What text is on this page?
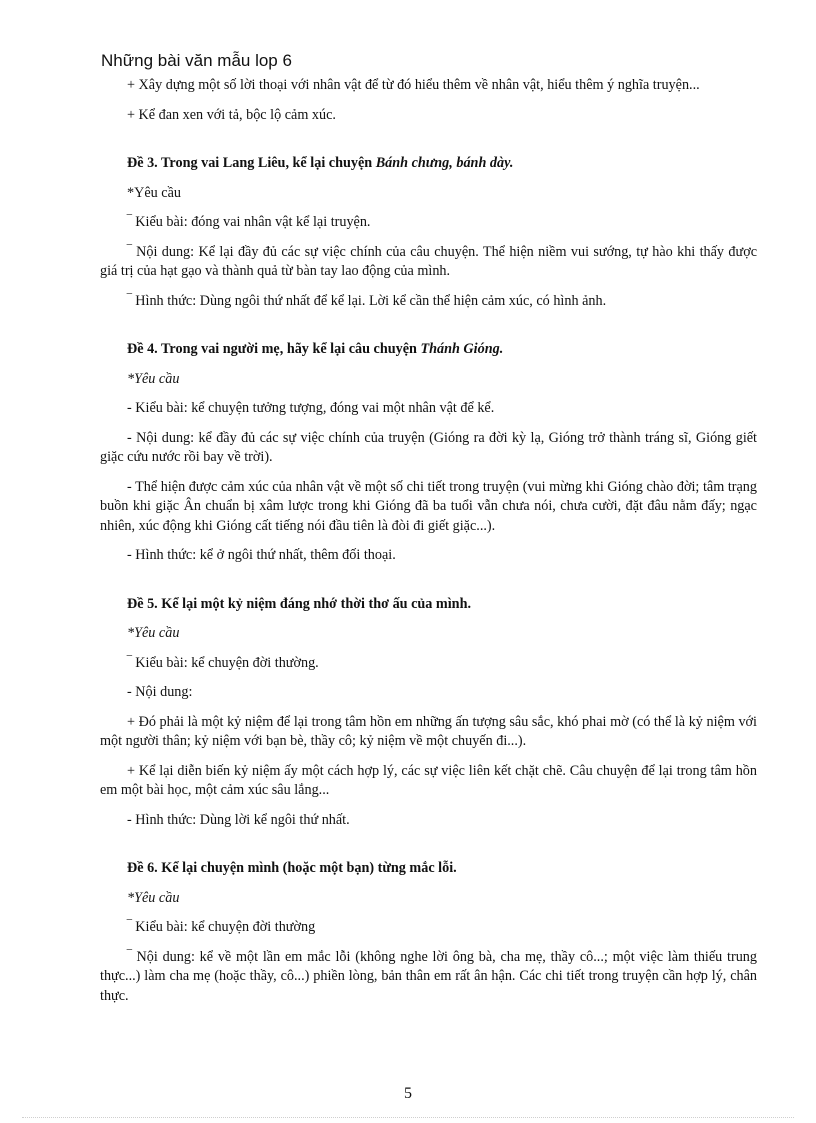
Những bài văn mẫu lop 6

+ Xây dựng một số lời thoại với nhân vật để từ đó hiểu thêm về nhân vật, hiểu thêm ý nghĩa truyện...

+ Kể đan xen với tả, bộc lộ cảm xúc.

Đề 3. Trong vai Lang Liêu, kể lại chuyện Bánh chưng, bánh dày.

*Yêu cầu

‾ Kiểu bài: đóng vai nhân vật kể lại truyện.

‾ Nội dung: Kể lại đầy đủ các sự việc chính của câu chuyện. Thể hiện niềm vui sướng, tự hào khi thấy được giá trị của hạt gạo và thành quả từ bàn tay lao động của mình.

‾ Hình thức: Dùng ngôi thứ nhất để kể lại. Lời kể cần thể hiện cảm xúc, có hình ảnh.

Đề 4. Trong vai người mẹ, hãy kể lại câu chuyện Thánh Gióng.

*Yêu cầu

- Kiểu bài: kể chuyện tưởng tượng, đóng vai một nhân vật để kể.

- Nội dung: kể đầy đủ các sự việc chính của truyện (Gióng ra đời kỳ lạ, Gióng trở thành tráng sĩ, Gióng giết giặc cứu nước rồi bay về trời).

- Thể hiện được cảm xúc của nhân vật về một số chi tiết trong truyện (vui mừng khi Gióng chào đời; tâm trạng buồn khi giặc Ân chuẩn bị xâm lược trong khi Gióng đã ba tuổi vẫn chưa nói, chưa cười, đặt đâu nằm đấy; ngạc nhiên, xúc động khi Gióng cất tiếng nói đầu tiên là đòi đi giết giặc...).

- Hình thức: kể ở ngôi thứ nhất, thêm đối thoại.

Đề 5. Kể lại một kỷ niệm đáng nhớ thời thơ ấu của mình.

*Yêu cầu

‾ Kiểu bài: kể chuyện đời thường.

- Nội dung:

+ Đó phải là một kỷ niệm để lại trong tâm hồn em những ấn tượng sâu sắc, khó phai mờ (có thể là kỷ niệm với một người thân; kỷ niệm với bạn bè, thầy cô; kỷ niệm về một chuyến đi...).

+ Kể lại diễn biến kỷ niệm ấy một cách hợp lý, các sự việc liên kết chặt chẽ. Câu chuyện để lại trong tâm hồn em một bài học, một cảm xúc sâu lắng...

- Hình thức: Dùng lời kể ngôi thứ nhất.

Đề 6. Kể lại chuyện mình (hoặc một bạn) từng mắc lỗi.

*Yêu cầu

‾ Kiểu bài: kể chuyện đời thường

‾ Nội dung: kể về một lần em mắc lỗi (không nghe lời ông bà, cha mẹ, thầy cô...; một việc làm thiếu trung thực...) làm cha mẹ (hoặc thầy, cô...) phiền lòng, bản thân em rất ân hận. Các chi tiết trong truyện cần hợp lý, chân thực.

5
